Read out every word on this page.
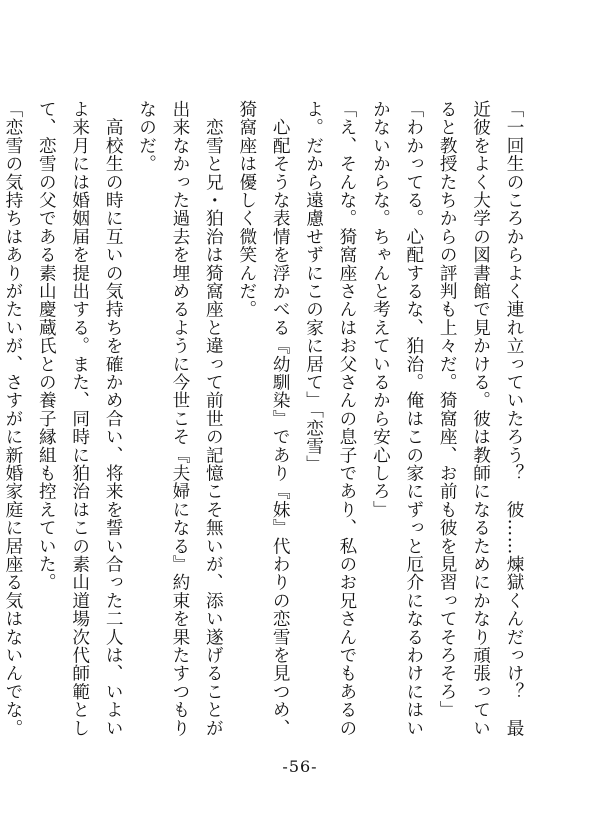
「一回生のころからよく連れ立っていたろう？　彼……煉獄くんだっけ？　最近彼をよく大学の図書館で見かける。彼は教師になるためにかなり頑張っていると教授たちからの評判も上々だ。猗窩座、お前も彼を見習ってそろそろ」

「わかってる。心配するな、狛治。俺はこの家にずっと厄介になるわけにはいかないからな。ちゃんと考えているから安心しろ」

「え、そんな。猗窩座さんはお父さんの息子であり、私のお兄さんでもあるのよ。だから遠慮せずにこの家に居て」「恋雪」

　心配そうな表情を浮かべる『幼馴染』であり『妹』代わりの恋雪を見つめ、猗窩座は優しく微笑んだ。

　恋雪と兄・狛治は猗窩座と違って前世の記憶こそ無いが、添い遂げることが出来なかった過去を埋めるように今世こそ『夫婦になる』約束を果たすつもりなのだ。

　高校生の時に互いの気持ちを確かめ合い、将来を誓い合った二人は、いよいよ来月には婚姻届を提出する。また、同時に狛治はこの素山道場次代師範として、恋雪の父である素山慶蔵氏との養子縁組も控えていた。

「恋雪の気持ちはありがたいが、さすがに新婚家庭に居座る気はないんでな。

-56-
